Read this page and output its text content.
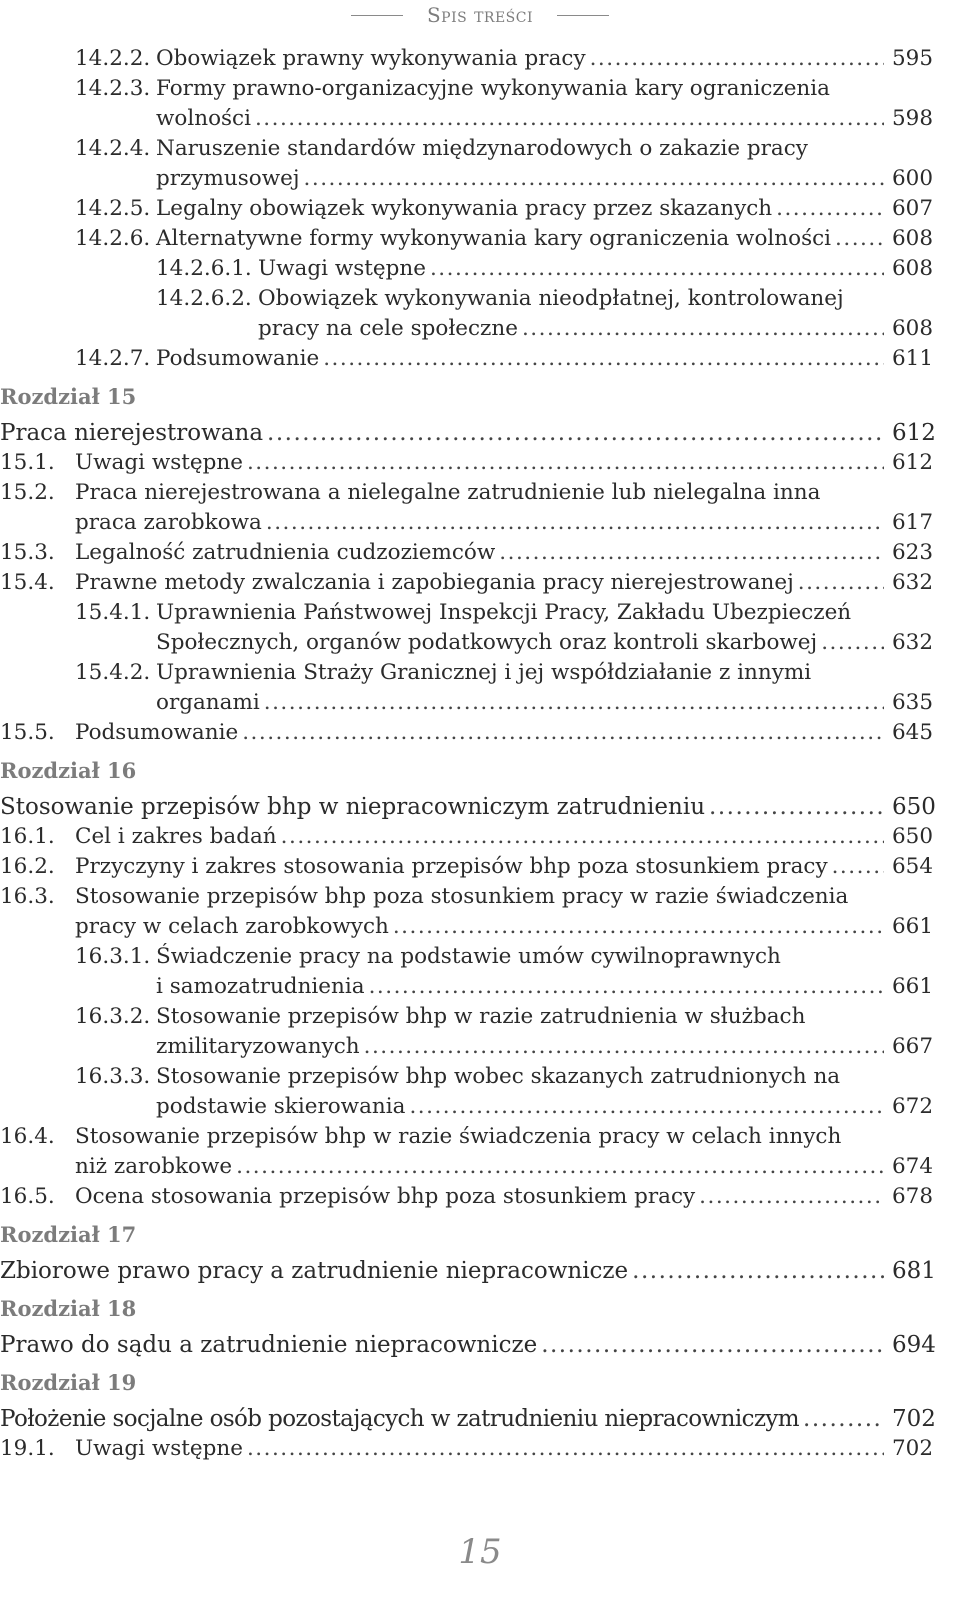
Spis treści
14.2.2. Obowiązek prawny wykonywania pracy .....	595
14.2.3. Formy prawno-organizacyjne wykonywania kary ograniczenia
wolności .....	598
14.2.4. Naruszenie standardów międzynarodowych o zakazie pracy
przymusowej .....	600
14.2.5. Legalny obowiązek wykonywania pracy przez skazanych .....	607
14.2.6. Alternatywne formy wykonywania kary ograniczenia wolności .....	608
14.2.6.1. Uwagi wstępne .....	608
14.2.6.2. Obowiązek wykonywania nieodpłatnej, kontrolowanej
pracy na cele społeczne .....	608
14.2.7. Podsumowanie .....	611
Rozdział 15
Praca nierejestrowana .....	612
15.1. Uwagi wstępne .....	612
15.2. Praca nierejestrowana a nielegalne zatrudnienie lub nielegalna inna
praca zarobkowa .....	617
15.3. Legalność zatrudnienia cudzoziemców .....	623
15.4. Prawne metody zwalczania i zapobiegania pracy nierejestrowanej .....	632
15.4.1. Uprawnienia Państwowej Inspekcji Pracy, Zakładu Ubezpieczeń
Społecznych, organów podatkowych oraz kontroli skarbowej .....	632
15.4.2. Uprawnienia Straży Granicznej i jej współdziałanie z innymi
organami .....	635
15.5. Podsumowanie .....	645
Rozdział 16
Stosowanie przepisów bhp w niepracowniczym zatrudnieniu .....	650
16.1. Cel i zakres badań .....	650
16.2. Przyczyny i zakres stosowania przepisów bhp poza stosunkiem pracy .....	654
16.3. Stosowanie przepisów bhp poza stosunkiem pracy w razie świadczenia
pracy w celach zarobkowych .....	661
16.3.1. Świadczenie pracy na podstawie umów cywilnoprawnych
i samozatrudnienia .....	661
16.3.2. Stosowanie przepisów bhp w razie zatrudnienia w służbach
zmilitaryzowanych .....	667
16.3.3. Stosowanie przepisów bhp wobec skazanych zatrudnionych na
podstawie skierowania .....	672
16.4. Stosowanie przepisów bhp w razie świadczenia pracy w celach innych
niż zarobkowe .....	674
16.5. Ocena stosowania przepisów bhp poza stosunkiem pracy .....	678
Rozdział 17
Zbiorowe prawo pracy a zatrudnienie niepracownicze .....	681
Rozdział 18
Prawo do sądu a zatrudnienie niepracownicze .....	694
Rozdział 19
Położenie socjalne osób pozostających w zatrudnieniu niepracowniczym .....	702
19.1. Uwagi wstępne .....	702
15
